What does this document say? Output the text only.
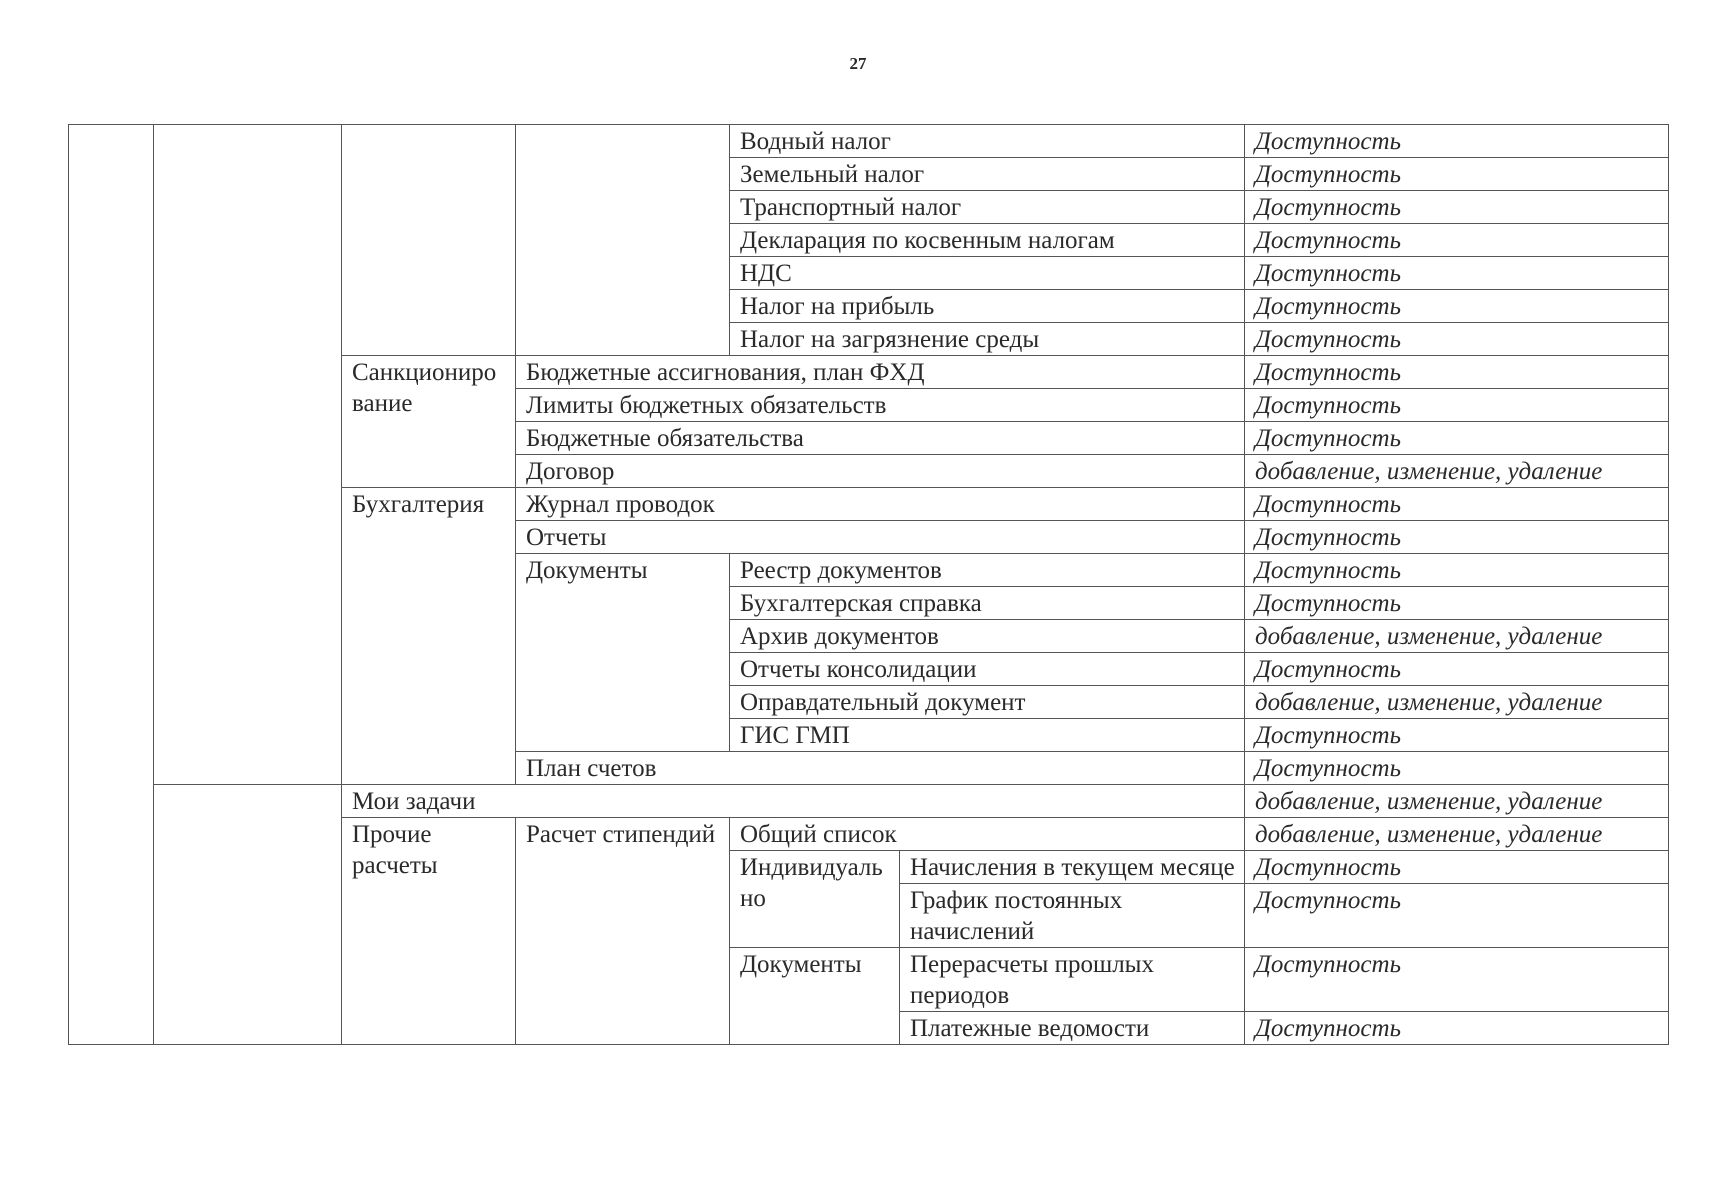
27
				Водный налог		Доступность
				Земельный налог		Доступность
				Транспортный налог		Доступность
				Декларация по косвенным налогам		Доступность
				НДС		Доступность
				Налог на прибыль		Доступность
				Налог на загрязнение среды		Доступность
		Санкционирование	Бюджетные ассигнования, план ФХД			Доступность
			Лимиты бюджетных обязательств			Доступность
			Бюджетные обязательства			Доступность
			Договор			добавление, изменение, удаление
		Бухгалтерия	Журнал проводок			Доступность
			Отчеты			Доступность
			Документы	Реестр документов		Доступность
				Бухгалтерская справка		Доступность
				Архив документов		добавление, изменение, удаление
				Отчеты консолидации		Доступность
				Оправдательный документ		добавление, изменение, удаление
				ГИС ГМП		Доступность
			План счетов			Доступность
		Мои задачи				добавление, изменение, удаление
		Прочие расчеты	Расчет стипендий	Общий список		добавление, изменение, удаление
				Индивидуально	Начисления в текущем месяце	Доступность

					График постоянных начислений	Доступность

				Документы	Перерасчеты прошлых периодов	Доступность

					Платежные ведомости	Доступность
